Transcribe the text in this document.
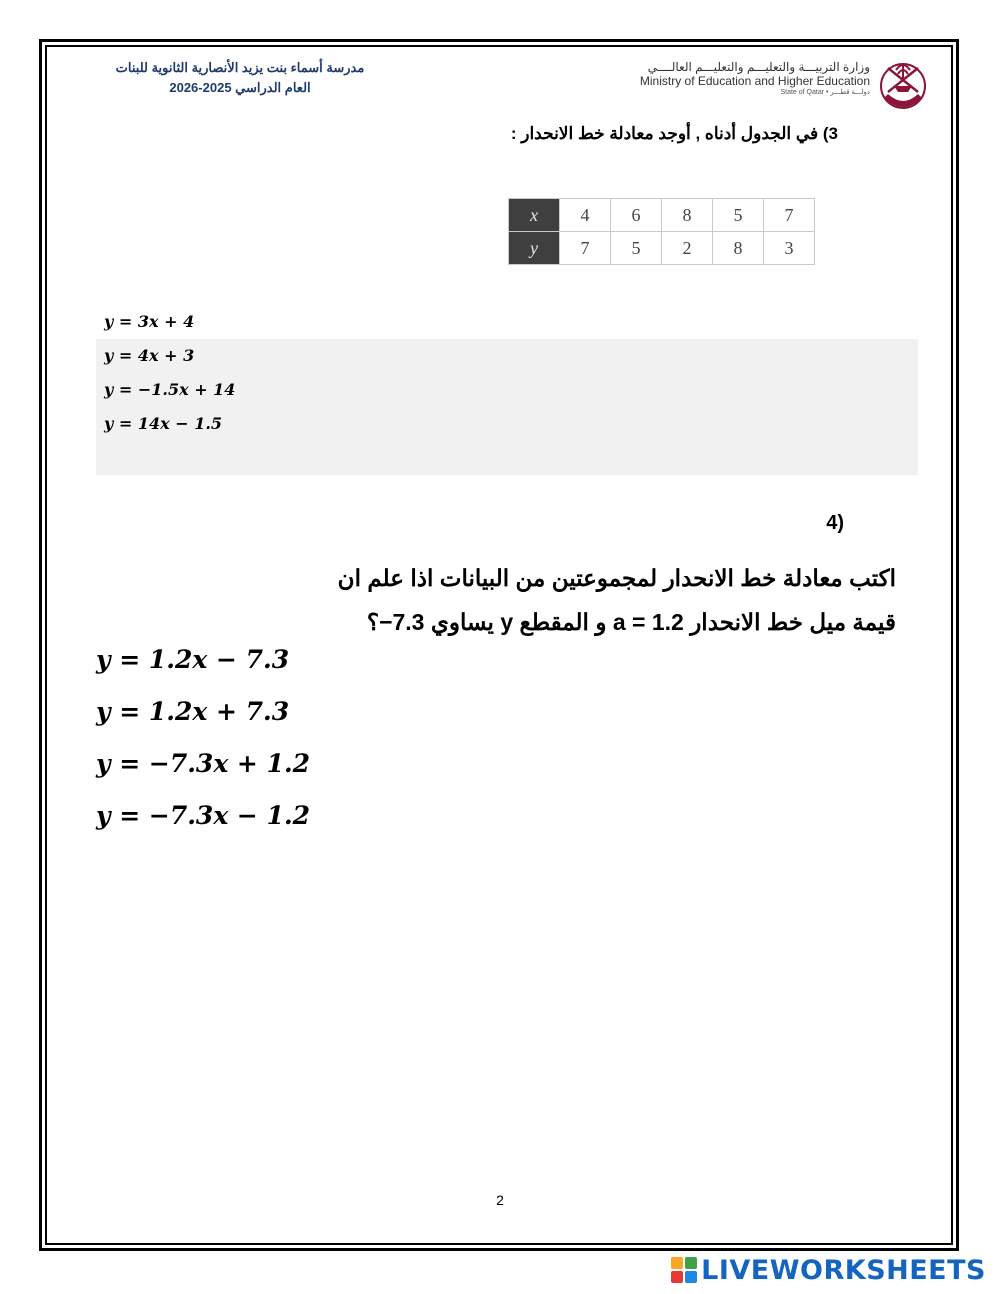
مدرسة أسماء بنت يزيد الأنصارية الثانوية للبنات
العام الدراسي 2025-2026
وزارة التربيـــة والتعليـــم والتعليـــم العالــــي
Ministry of Education and Higher Education
State of Qatar • دولـــة قطـــر
3) في الجدول أدناه , أوجد معادلة خط الانحدار :
x	4	6	8	5	7
y	7	5	2	8	3
y = 3x + 4
y = 4x + 3
y = −1.5x + 14
y = 14x − 1.5
(4
اكتب معادلة خط الانحدار لمجموعتين من البيانات اذا علم ان
قيمة ميل خط الانحدار a = 1.2 و المقطع y يساوي 7.3−؟
y = 1.2x − 7.3
y = 1.2x + 7.3
y = −7.3x + 1.2
y = −7.3x − 1.2
2
LIVEWORKSHEETS
